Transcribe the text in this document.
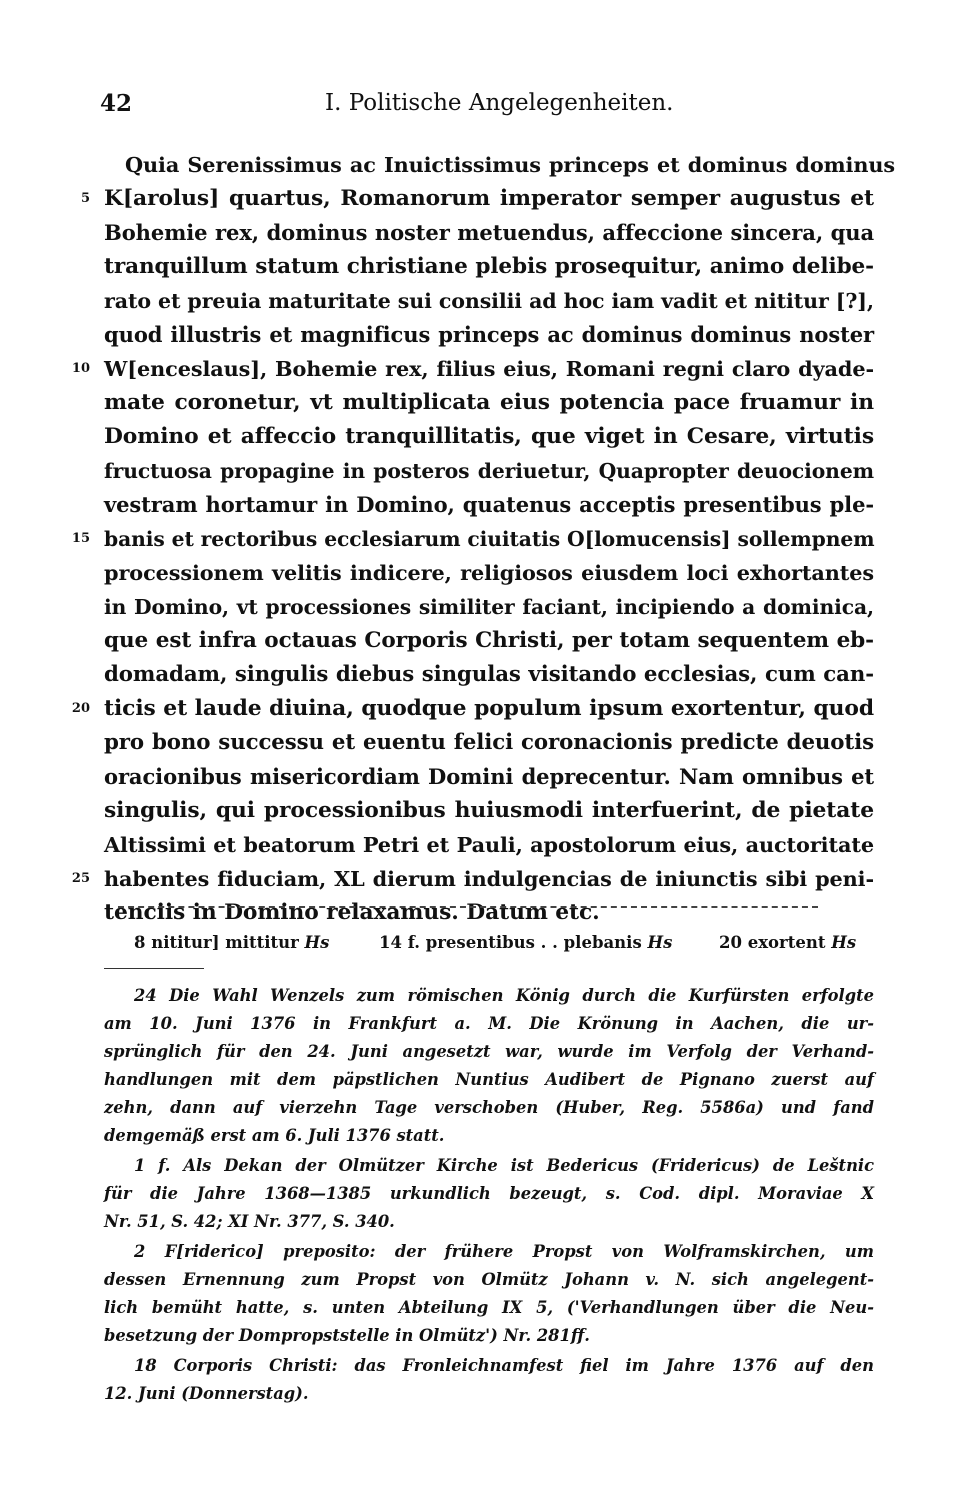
42	I. Politische Angelegenheiten.
Quia Serenissimus ac Inuictissimus princeps et dominus dominus
5 K[arolus] quartus, Romanorum imperator semper augustus et
Bohemie rex, dominus noster metuendus, affeccione sincera, qua
tranquillum statum christiane plebis prosequitur, animo delibe-
rato et preuia maturitate sui consilii ad hoc iam vadit et nititur [?],
quod illustris et magnificus princeps ac dominus dominus noster
10 W[enceslaus], Bohemie rex, filius eius, Romani regni claro dyade-
mate coronetur, vt multiplicata eius potencia pace fruamur in
Domino et affeccio tranquillitatis, que viget in Cesare, virtutis
fructuosa propagine in posteros deriuetur, Quapropter deuocionem
vestram hortamur in Domino, quatenus acceptis presentibus ple-
15 banis et rectoribus ecclesiarum ciuitatis O[lomucensis] sollempnem
processionem velitis indicere, religiosos eiusdem loci exhortantes
in Domino, vt processiones similiter faciant, incipiendo a dominica,
que est infra octauas Corporis Christi, per totam sequentem eb-
domadam, singulis diebus singulas visitando ecclesias, cum can-
20 ticis et laude diuina, quodque populum ipsum exortentur, quod
pro bono successu et euentu felici coronacionis predicte deuotis
oracionibus misericordiam Domini deprecentur. Nam omnibus et
singulis, qui processionibus huiusmodi interfuerint, de pietate
Altissimi et beatorum Petri et Pauli, apostolorum eius, auctoritate
25 habentes fiduciam, XL dierum indulgencias de iniunctis sibi peni-
tenciis in Domino relaxamus. Datum etc.
8 nititur] mittitur Hs	14 f. presentibus . . plebanis Hs	20 exortent Hs
24 Die Wahl Wenzels zum römischen König durch die Kurfürsten erfolgte
am 10. Juni 1376 in Frankfurt a. M. Die Krönung in Aachen, die ur-
sprünglich für den 24. Juni angesetzt war, wurde im Verfolg der Verhand-
handlungen mit dem päpstlichen Nuntius Audibert de Pignano zuerst auf
zehn, dann auf vierzehn Tage verschoben (Huber, Reg. 5586a) und fand
demgemäß erst am 6. Juli 1376 statt.
1 f. Als Dekan der Olmützer Kirche ist Bedericus (Fridericus) de Leštnic
für die Jahre 1368—1385 urkundlich bezeugt, s. Cod. dipl. Moraviae X
Nr. 51, S. 42; XI Nr. 377, S. 340.
2 F[riderico] preposito: der frühere Propst von Wolframskirchen, um
dessen Ernennung zum Propst von Olmütz Johann v. N. sich angelegent-
lich bemüht hatte, s. unten Abteilung IX 5, ('Verhandlungen über die Neu-
besetzung der Dompropststelle in Olmütz') Nr. 281ff.
18 Corporis Christi: das Fronleichnamfest fiel im Jahre 1376 auf den
12. Juni (Donnerstag).
